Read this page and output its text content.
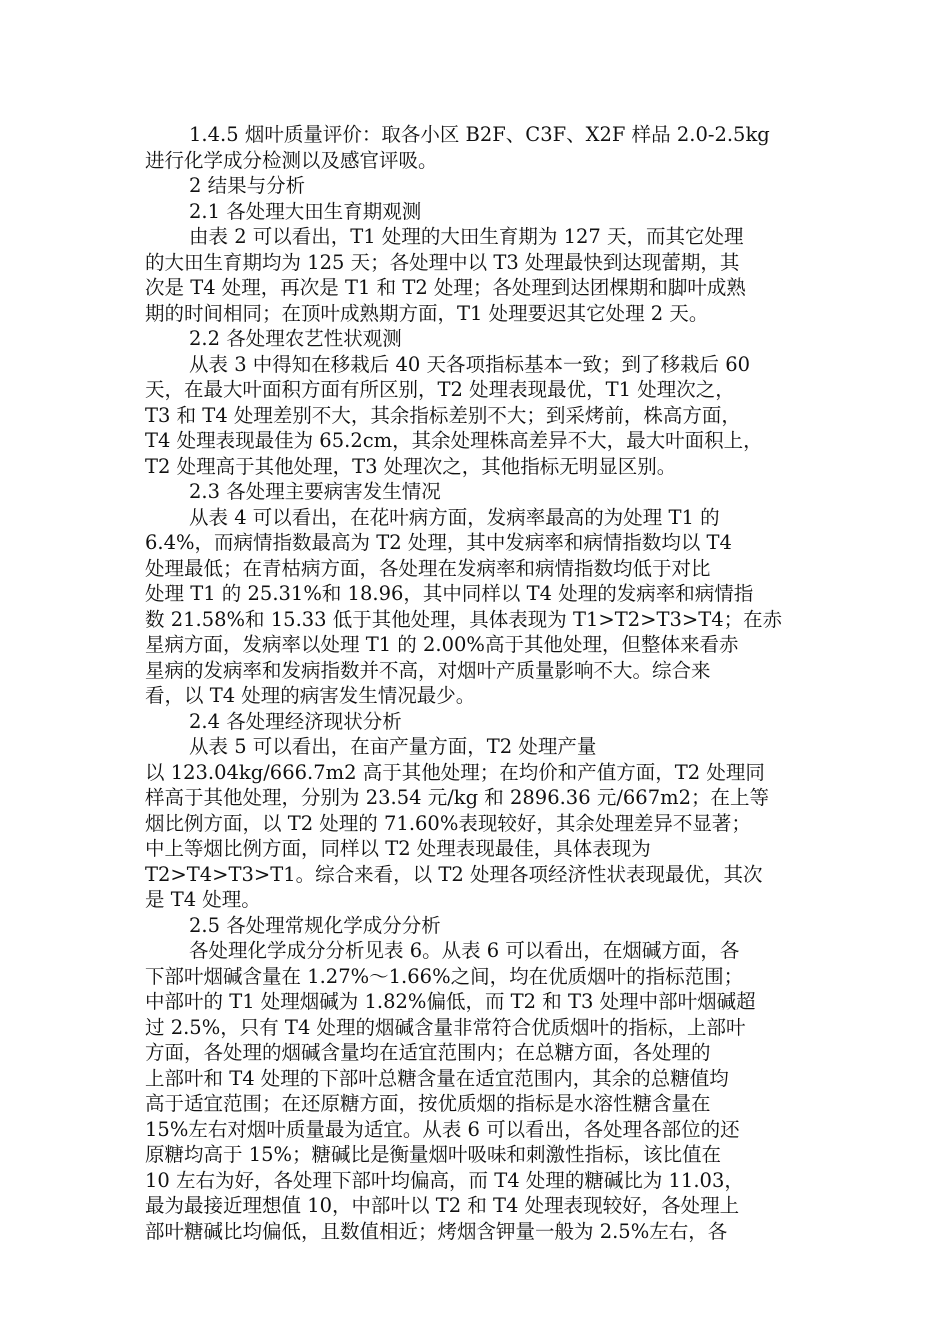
1.4.5 烟叶质量评价：取各小区 B2F、C3F、X2F 样品 2.0-2.5kg
进行化学成分检测以及感官评吸。
2 结果与分析
2.1 各处理大田生育期观测
由表 2 可以看出，T1 处理的大田生育期为 127 天，而其它处理
的大田生育期均为 125 天；各处理中以 T3 处理最快到达现蕾期，其
次是 T4 处理，再次是 T1 和 T2 处理；各处理到达团棵期和脚叶成熟
期的时间相同；在顶叶成熟期方面，T1 处理要迟其它处理 2 天。
2.2 各处理农艺性状观测
从表 3 中得知在移栽后 40 天各项指标基本一致；到了移栽后 60
天，在最大叶面积方面有所区别，T2 处理表现最优，T1 处理次之，
T3 和 T4 处理差别不大，其余指标差别不大；到采烤前，株高方面，
T4 处理表现最佳为 65.2cm，其余处理株高差异不大，最大叶面积上，
T2 处理高于其他处理，T3 处理次之，其他指标无明显区别。
2.3 各处理主要病害发生情况
从表 4 可以看出，在花叶病方面，发病率最高的为处理 T1 的
6.4%，而病情指数最高为 T2 处理，其中发病率和病情指数均以 T4
处理最低；在青枯病方面，各处理在发病率和病情指数均低于对比
处理 T1 的 25.31%和 18.96，其中同样以 T4 处理的发病率和病情指
数 21.58%和 15.33 低于其他处理，具体表现为 T1>T2>T3>T4；在赤
星病方面，发病率以处理 T1 的 2.00%高于其他处理，但整体来看赤
星病的发病率和发病指数并不高，对烟叶产质量影响不大。综合来
看，以 T4 处理的病害发生情况最少。
2.4 各处理经济现状分析
从表 5 可以看出，在亩产量方面，T2 处理产量
以 123.04kg/666.7m2 高于其他处理；在均价和产值方面，T2 处理同
样高于其他处理，分别为 23.54 元/kg 和 2896.36 元/667m2；在上等
烟比例方面，以 T2 处理的 71.60%表现较好，其余处理差异不显著；
中上等烟比例方面，同样以 T2 处理表现最佳，具体表现为
T2>T4>T3>T1。综合来看，以 T2 处理各项经济性状表现最优，其次
是 T4 处理。
2.5 各处理常规化学成分分析
各处理化学成分分析见表 6。从表 6 可以看出，在烟碱方面，各
下部叶烟碱含量在 1.27%～1.66%之间，均在优质烟叶的指标范围；
中部叶的 T1 处理烟碱为 1.82%偏低，而 T2 和 T3 处理中部叶烟碱超
过 2.5%，只有 T4 处理的烟碱含量非常符合优质烟叶的指标，上部叶
方面，各处理的烟碱含量均在适宜范围内；在总糖方面，各处理的
上部叶和 T4 处理的下部叶总糖含量在适宜范围内，其余的总糖值均
高于适宜范围；在还原糖方面，按优质烟的指标是水溶性糖含量在
15%左右对烟叶质量最为适宜。从表 6 可以看出，各处理各部位的还
原糖均高于 15%；糖碱比是衡量烟叶吸味和刺激性指标，该比值在
10 左右为好，各处理下部叶均偏高，而 T4 处理的糖碱比为 11.03，
最为最接近理想值 10，中部叶以 T2 和 T4 处理表现较好，各处理上
部叶糖碱比均偏低，且数值相近；烤烟含钾量一般为 2.5%左右，各
